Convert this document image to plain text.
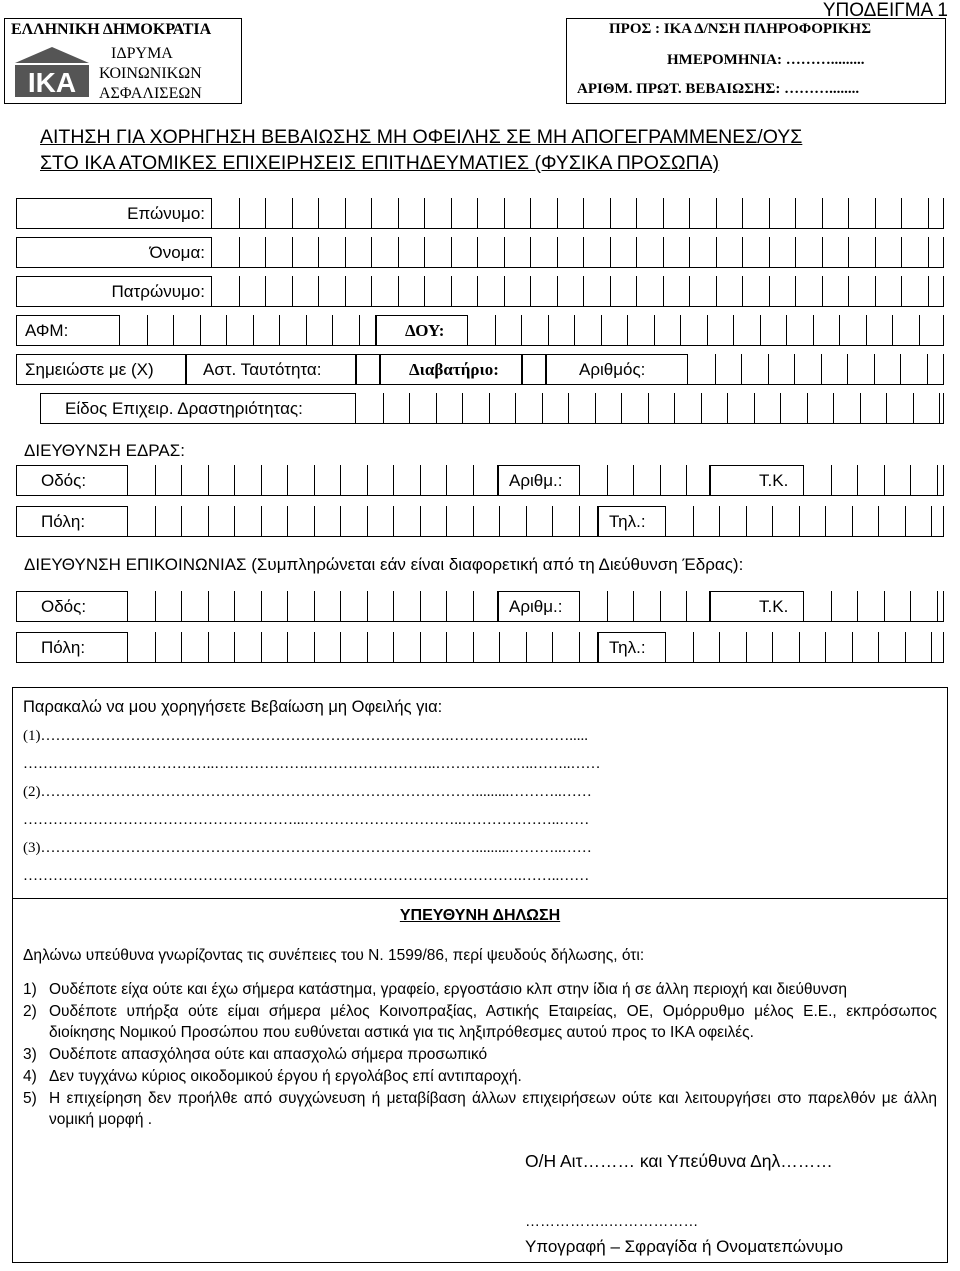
ΥΠΟΔΕΙΓΜΑ 1
ΕΛΛΗΝΙΚΗ ΔΗΜΟΚΡΑΤΙΑ
ΙΚΑ
ΙΔΡΥΜΑ
ΚΟΙΝΩΝΙΚΩΝ
ΑΣΦΑΛΙΣΕΩΝ
ΠΡΟΣ : ΙΚΑ Δ/ΝΣΗ ΠΛΗΡΟΦΟΡΙΚΗΣ
ΗΜΕΡΟΜΗΝΙΑ: ……….........
ΑΡΙΘΜ. ΠΡΩΤ. ΒΕΒΑΙΩΣΗΣ: ………........
ΑΙΤΗΣΗ ΓΙΑ ΧΟΡΗΓΗΣΗ ΒΕΒΑΙΩΣΗΣ ΜΗ ΟΦΕΙΛΗΣ ΣΕ ΜΗ ΑΠΟΓΕΓΡΑΜΜΕΝΕΣ/ΟΥΣ
ΣΤΟ ΙΚΑ ΑΤΟΜΙΚΕΣ ΕΠΙΧΕΙΡΗΣΕΙΣ ΕΠΙΤΗΔΕΥΜΑΤΙΕΣ (ΦΥΣΙΚΑ ΠΡΟΣΩΠΑ)
Επώνυμο:
Όνομα:
Πατρώνυμο:
ΑΦΜ:	ΔΟΥ:
Σημειώστε με (Χ)	Αστ. Ταυτότητα:	Διαβατήριο:	Αριθμός:
Είδος Επιχειρ. Δραστηριότητας:
ΔΙΕΥΘΥΝΣΗ ΕΔΡΑΣ:
Οδός:	Αριθμ.:	Τ.Κ.
Πόλη:	Τηλ.:
ΔΙΕΥΘΥΝΣΗ ΕΠΙΚΟΙΝΩΝΙΑΣ (Συμπληρώνεται εάν είναι διαφορετική από τη Διεύθυνση Έδρας):
Οδός:	Αριθμ.:	Τ.Κ.
Πόλη:	Τηλ.:
Παρακαλώ να μου χορηγήσετε Βεβαίωση μη Οφειλής για:
(1)……………………………………………………………………….…………………….....
………………….……………..……………….……………………..………………..……..……
(2)…………………………………………………………………………….........………..……
………………………………………………...…………………………..………………..……
(3)…………………………………………………………………………….........………..……
……………………………………………………………………………………….……..……
ΥΠΕΥΘΥΝΗ ΔΗΛΩΣΗ
Δηλώνω υπεύθυνα γνωρίζοντας τις συνέπειες του Ν. 1599/86, περί ψευδούς δήλωσης, ότι:
1) Ουδέποτε είχα ούτε και έχω σήμερα κατάστημα, γραφείο, εργοστάσιο κλπ στην ίδια ή σε άλλη περιοχή και διεύθυνση
2) Ουδέποτε υπήρξα ούτε είμαι σήμερα μέλος Κοινοπραξίας, Αστικής Εταιρείας, ΟΕ, Ομόρρυθμο μέλος Ε.Ε., εκπρόσωπος
διοίκησης Νομικού Προσώπου που ευθύνεται αστικά για τις ληξιπρόθεσμες αυτού προς το ΙΚΑ οφειλές.
3) Ουδέποτε απασχόλησα ούτε και απασχολώ σήμερα προσωπικό
4) Δεν τυγχάνω κύριος οικοδομικού έργου ή εργολάβος επί αντιπαροχή.
5) Η επιχείρηση δεν προήλθε από συγχώνευση ή μεταβίβαση άλλων επιχειρήσεων ούτε και λειτουργήσει στο παρελθόν με άλλη
νομική μορφή .
Ο/Η Αιτ……… και Υπεύθυνα Δηλ………
……………..………………
Υπογραφή – Σφραγίδα ή Ονοματεπώνυμο
